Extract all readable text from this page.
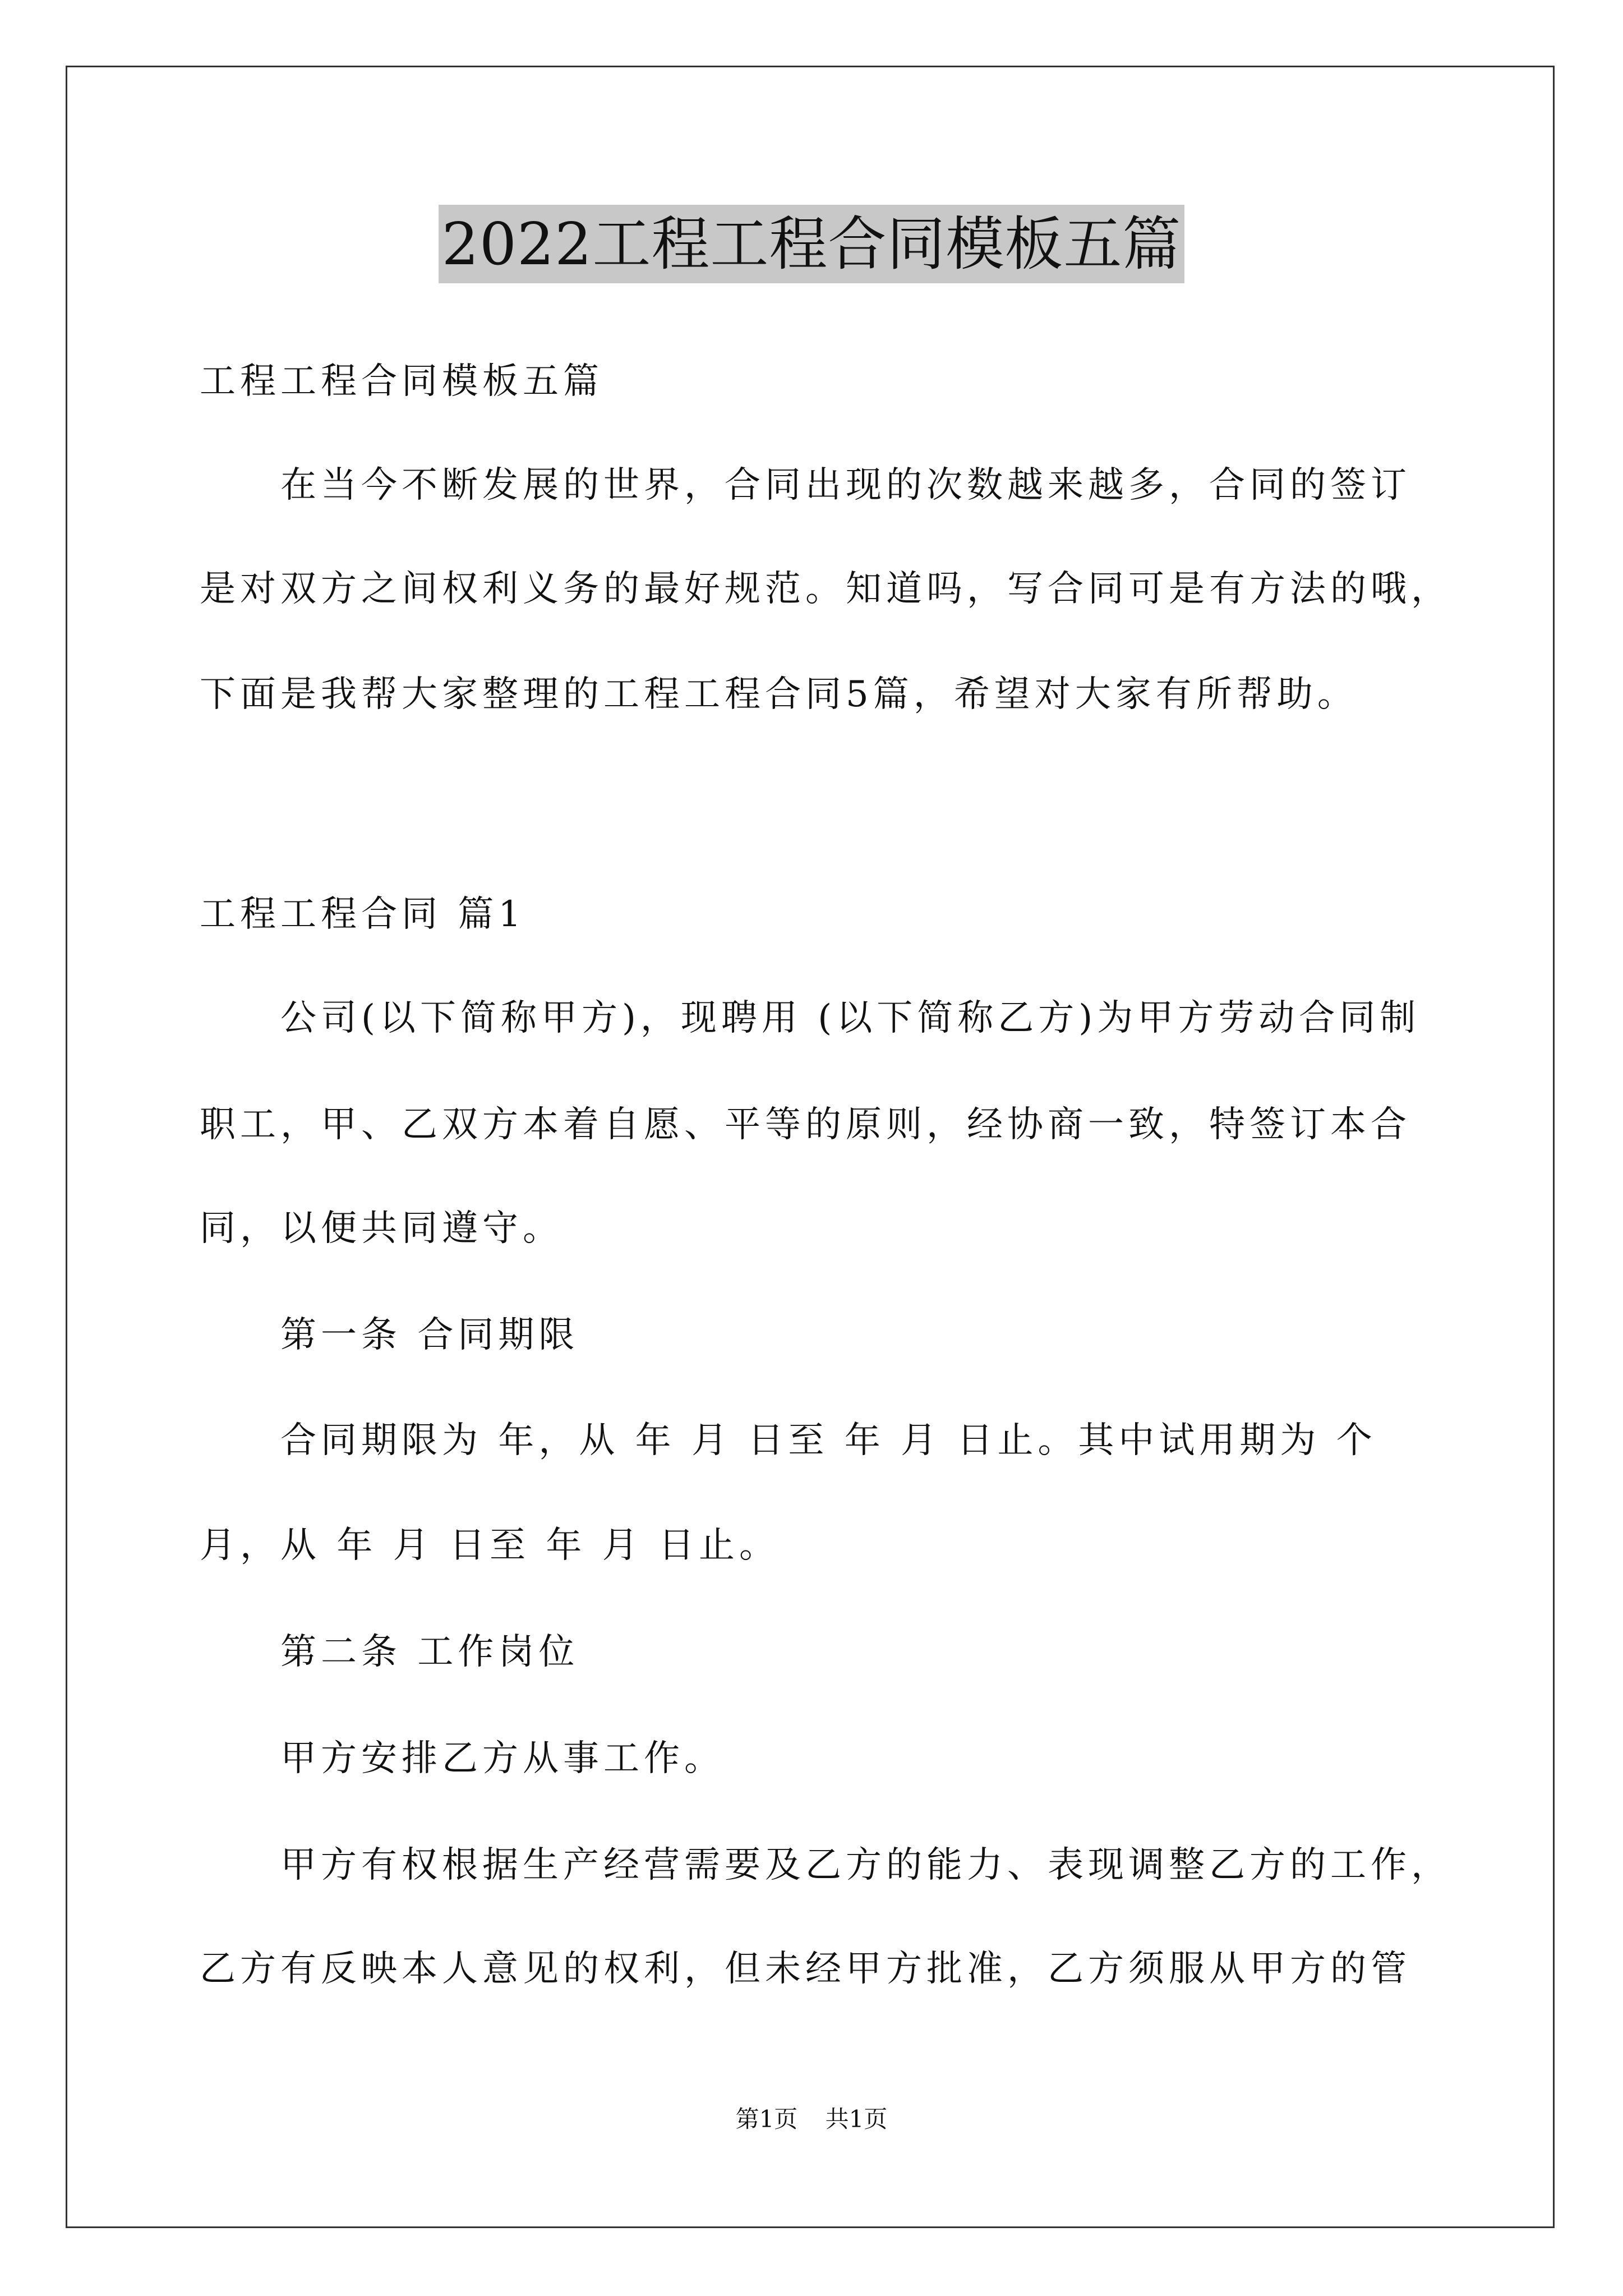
2022工程工程合同模板五篇
工程工程合同模板五篇
在当今不断发展的世界，合同出现的次数越来越多，合同的签订
是对双方之间权利义务的最好规范。知道吗，写合同可是有方法的哦，
下面是我帮大家整理的工程工程合同5篇，希望对大家有所帮助。
工程工程合同 篇1
公司(以下简称甲方)，现聘用 (以下简称乙方)为甲方劳动合同制
职工，甲、乙双方本着自愿、平等的原则，经协商一致，特签订本合
同，以便共同遵守。
第一条 合同期限
合同期限为 年，从 年 月 日至 年 月 日止。其中试用期为 个
月，从 年 月 日至 年 月 日止。
第二条 工作岗位
甲方安排乙方从事工作。
甲方有权根据生产经营需要及乙方的能力、表现调整乙方的工作，
乙方有反映本人意见的权利，但未经甲方批准，乙方须服从甲方的管
第1页 共1页
